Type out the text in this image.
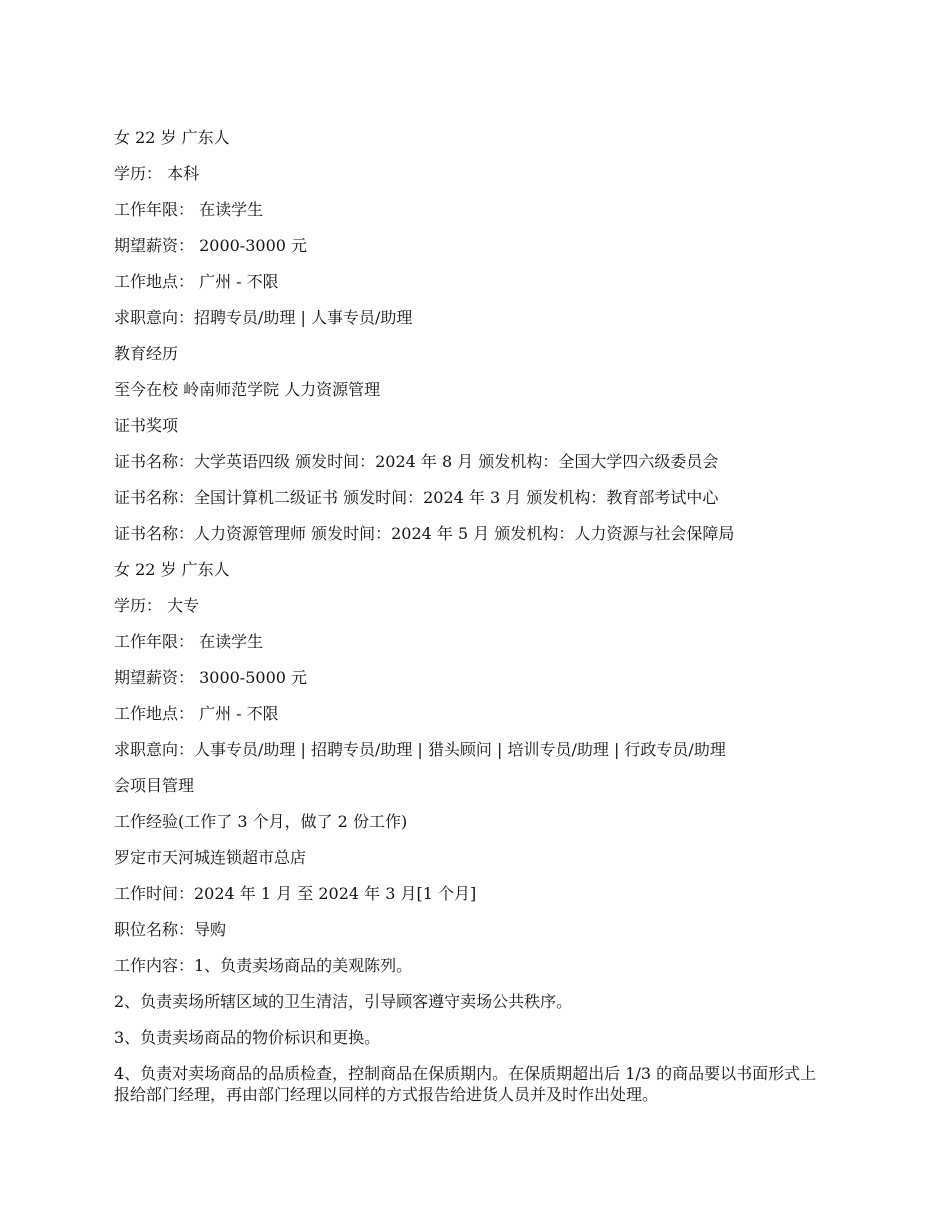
女 22 岁 广东人
学历： 本科
工作年限： 在读学生
期望薪资： 2000-3000 元
工作地点： 广州 - 不限
求职意向：招聘专员/助理 | 人事专员/助理
教育经历
至今在校 岭南师范学院 人力资源管理
证书奖项
证书名称：大学英语四级 颁发时间：2024 年 8 月 颁发机构：全国大学四六级委员会
证书名称：全国计算机二级证书 颁发时间：2024 年 3 月 颁发机构：教育部考试中心
证书名称：人力资源管理师 颁发时间：2024 年 5 月 颁发机构：人力资源与社会保障局
女 22 岁 广东人
学历： 大专
工作年限： 在读学生
期望薪资： 3000-5000 元
工作地点： 广州 - 不限
求职意向：人事专员/助理 | 招聘专员/助理 | 猎头顾问 | 培训专员/助理 | 行政专员/助理
会项目管理
工作经验(工作了 3 个月，做了 2 份工作)
罗定市天河城连锁超市总店
工作时间：2024 年 1 月 至 2024 年 3 月[1 个月]
职位名称：导购
工作内容：1、负责卖场商品的美观陈列。
2、负责卖场所辖区域的卫生清洁，引导顾客遵守卖场公共秩序。
3、负责卖场商品的物价标识和更换。
4、负责对卖场商品的品质检查，控制商品在保质期内。在保质期超出后 1/3 的商品要以书面形式上报给部门经理，再由部门经理以同样的方式报告给进货人员并及时作出处理。
